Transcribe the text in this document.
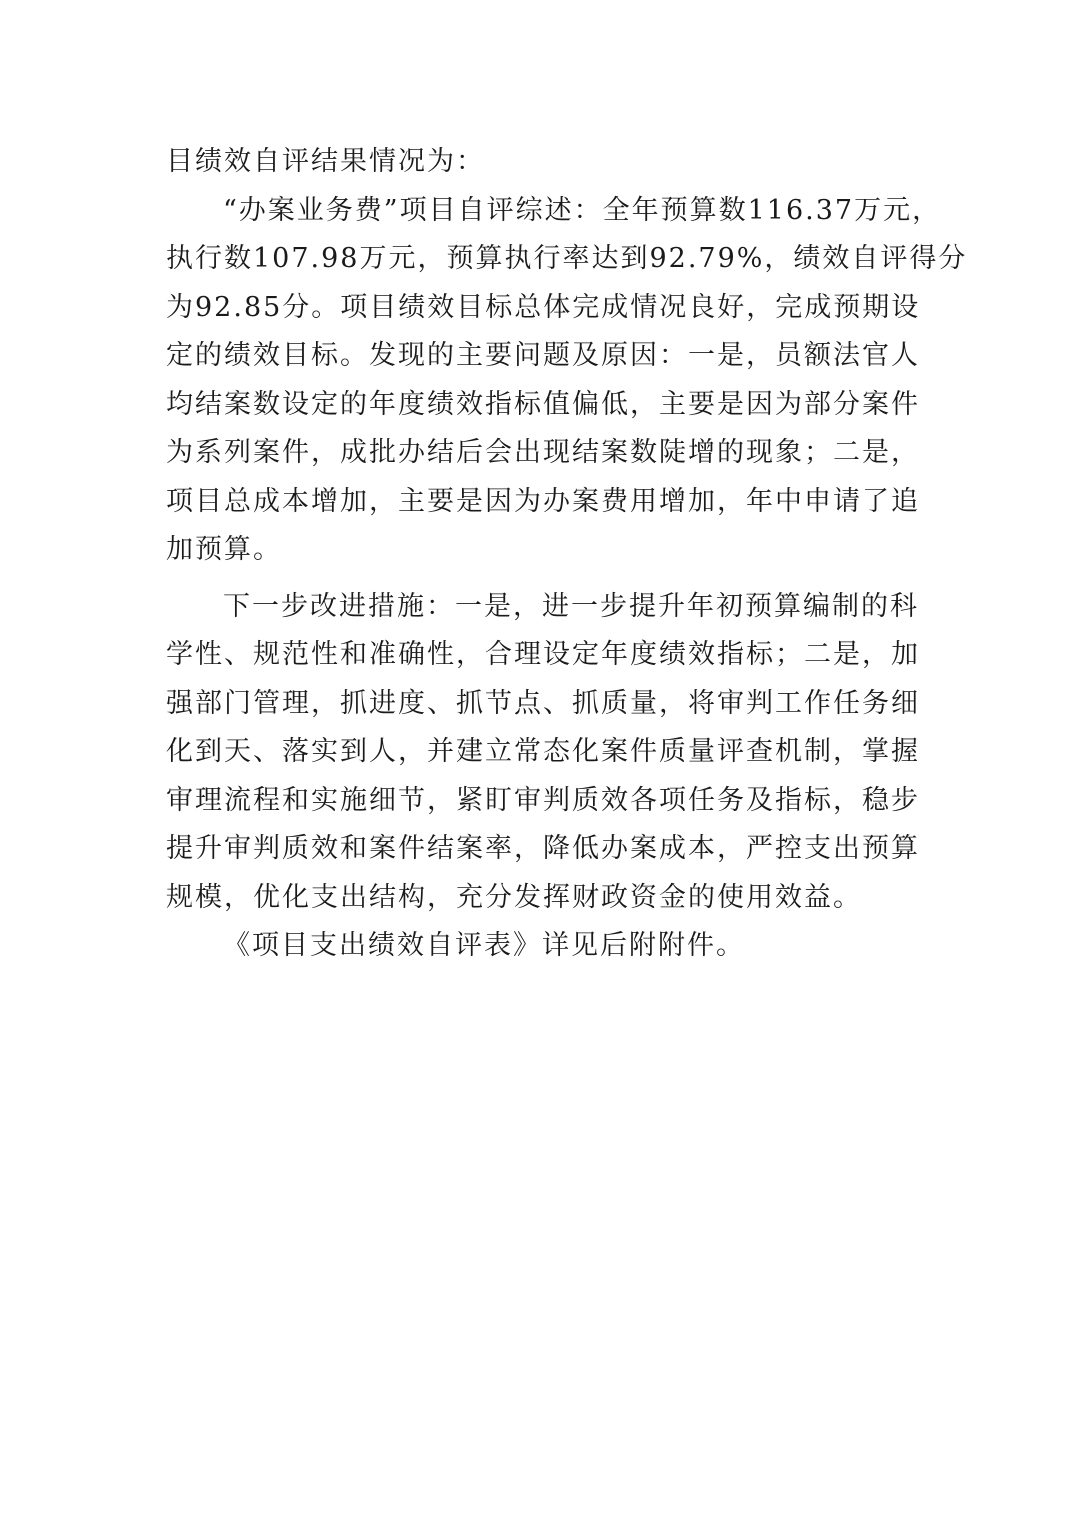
目绩效自评结果情况为：
“办案业务费”项目自评综述：全年预算数116.37万元，
执行数107.98万元，预算执行率达到92.79%，绩效自评得分
为92.85分。项目绩效目标总体完成情况良好，完成预期设
定的绩效目标。发现的主要问题及原因：一是，员额法官人
均结案数设定的年度绩效指标值偏低，主要是因为部分案件
为系列案件，成批办结后会出现结案数陡增的现象；二是，
项目总成本增加，主要是因为办案费用增加，年中申请了追
加预算。
下一步改进措施：一是，进一步提升年初预算编制的科
学性、规范性和准确性，合理设定年度绩效指标；二是，加
强部门管理，抓进度、抓节点、抓质量，将审判工作任务细
化到天、落实到人，并建立常态化案件质量评查机制，掌握
审理流程和实施细节，紧盯审判质效各项任务及指标，稳步
提升审判质效和案件结案率，降低办案成本，严控支出预算
规模，优化支出结构，充分发挥财政资金的使用效益。
《项目支出绩效自评表》详见后附附件。
